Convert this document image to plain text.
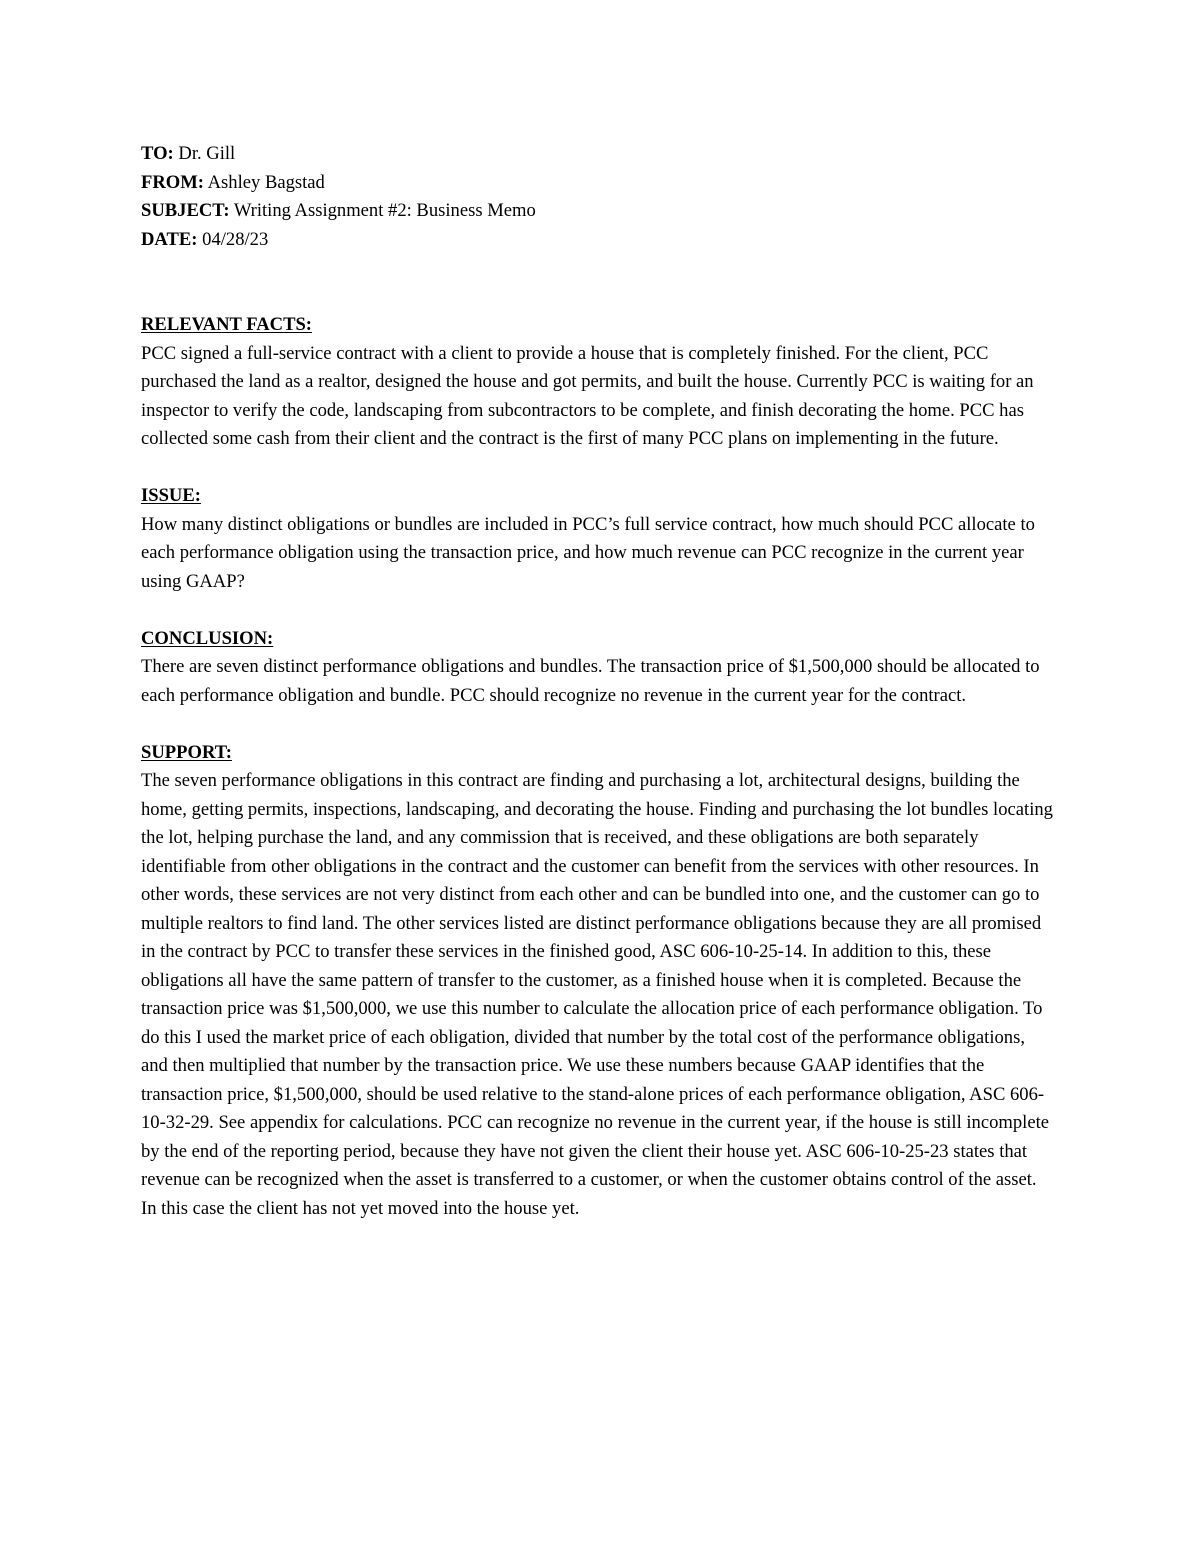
TO: Dr. Gill

FROM: Ashley Bagstad

SUBJECT: Writing Assignment #2: Business Memo

DATE: 04/28/23

RELEVANT FACTS:

PCC signed a full-service contract with a client to provide a house that is completely finished. For the client, PCC purchased the land as a realtor, designed the house and got permits, and built the house. Currently PCC is waiting for an inspector to verify the code, landscaping from subcontractors to be complete, and finish decorating the home. PCC has collected some cash from their client and the contract is the first of many PCC plans on implementing in the future.

ISSUE:

How many distinct obligations or bundles are included in PCC’s full service contract, how much should PCC allocate to each performance obligation using the transaction price, and how much revenue can PCC recognize in the current year using GAAP?

CONCLUSION:

There are seven distinct performance obligations and bundles. The transaction price of $1,500,000 should be allocated to each performance obligation and bundle. PCC should recognize no revenue in the current year for the contract.

SUPPORT:

The seven performance obligations in this contract are finding and purchasing a lot, architectural designs, building the home, getting permits, inspections, landscaping, and decorating the house. Finding and purchasing the lot bundles locating the lot, helping purchase the land, and any commission that is received, and these obligations are both separately identifiable from other obligations in the contract and the customer can benefit from the services with other resources. In other words, these services are not very distinct from each other and can be bundled into one, and the customer can go to multiple realtors to find land. The other services listed are distinct performance obligations because they are all promised in the contract by PCC to transfer these services in the finished good, ASC 606-10-25-14. In addition to this, these obligations all have the same pattern of transfer to the customer, as a finished house when it is completed. Because the transaction price was $1,500,000, we use this number to calculate the allocation price of each performance obligation. To do this I used the market price of each obligation, divided that number by the total cost of the performance obligations, and then multiplied that number by the transaction price. We use these numbers because GAAP identifies that the transaction price, $1,500,000, should be used relative to the stand-alone prices of each performance obligation, ASC 606-10-32-29. See appendix for calculations. PCC can recognize no revenue in the current year, if the house is still incomplete by the end of the reporting period, because they have not given the client their house yet. ASC 606-10-25-23 states that revenue can be recognized when the asset is transferred to a customer, or when the customer obtains control of the asset. In this case the client has not yet moved into the house yet.
